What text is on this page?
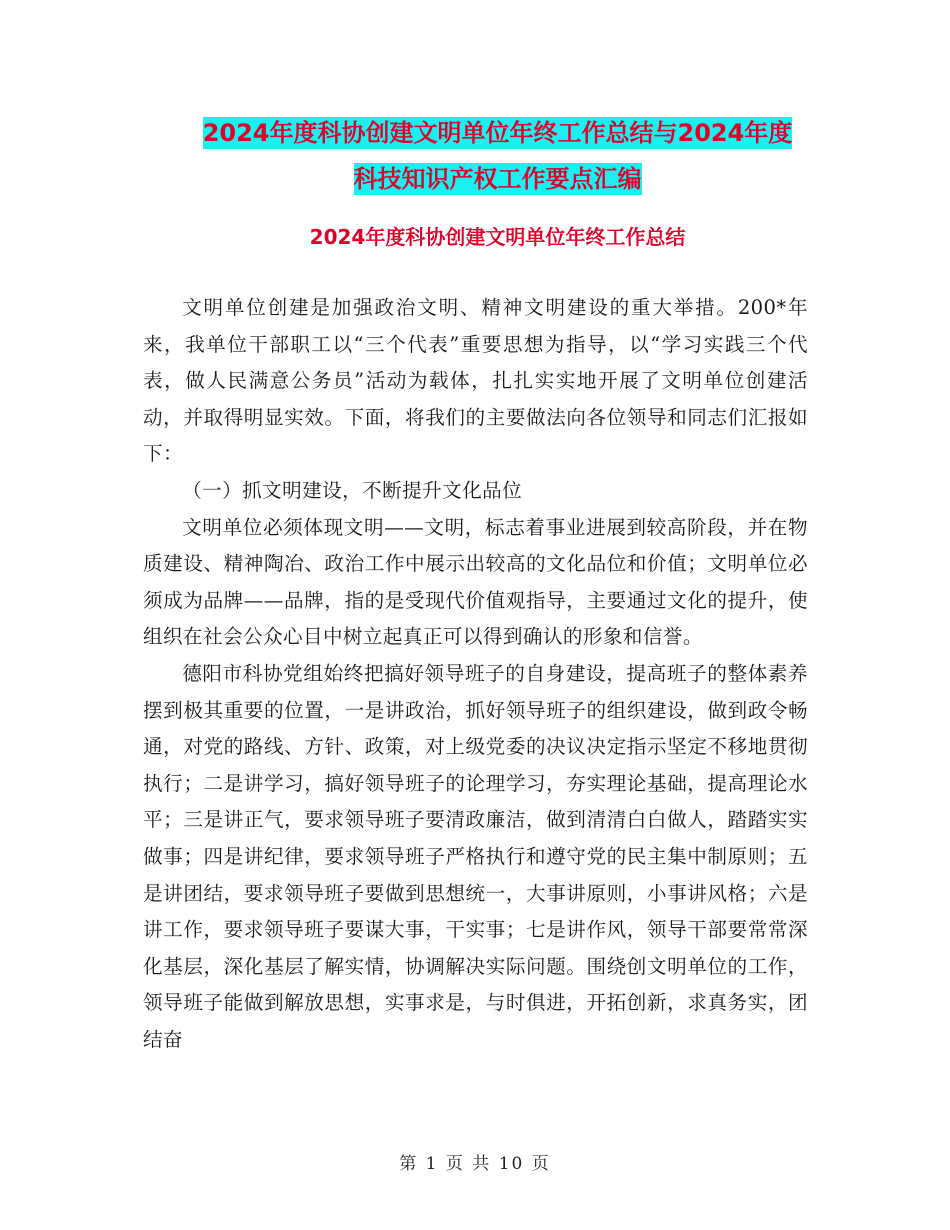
2024年度科协创建文明单位年终工作总结与2024年度
科技知识产权工作要点汇编
2024年度科协创建文明单位年终工作总结

文明单位创建是加强政治文明、精神文明建设的重大举措。200*年来，我单位干部职工以“三个代表”重要思想为指导，以“学习实践三个代表，做人民满意公务员”活动为载体，扎扎实实地开展了文明单位创建活动，并取得明显实效。下面，将我们的主要做法向各位领导和同志们汇报如下：

（一）抓文明建设，不断提升文化品位

文明单位必须体现文明——文明，标志着事业进展到较高阶段，并在物质建设、精神陶冶、政治工作中展示出较高的文化品位和价值；文明单位必须成为品牌——品牌，指的是受现代价值观指导，主要通过文化的提升，使组织在社会公众心目中树立起真正可以得到确认的形象和信誉。

德阳市科协党组始终把搞好领导班子的自身建设，提高班子的整体素养摆到极其重要的位置，一是讲政治，抓好领导班子的组织建设，做到政令畅通，对党的路线、方针、政策，对上级党委的决议决定指示坚定不移地贯彻执行；二是讲学习，搞好领导班子的论理学习，夯实理论基础，提高理论水平；三是讲正气，要求领导班子要清政廉洁，做到清清白白做人，踏踏实实做事；四是讲纪律，要求领导班子严格执行和遵守党的民主集中制原则；五是讲团结，要求领导班子要做到思想统一，大事讲原则，小事讲风格；六是讲工作，要求领导班子要谋大事，干实事；七是讲作风，领导干部要常常深化基层，深化基层了解实情，协调解决实际问题。围绕创文明单位的工作，领导班子能做到解放思想，实事求是，与时俱进，开拓创新，求真务实，团结奋

第 1 页 共 10 页
